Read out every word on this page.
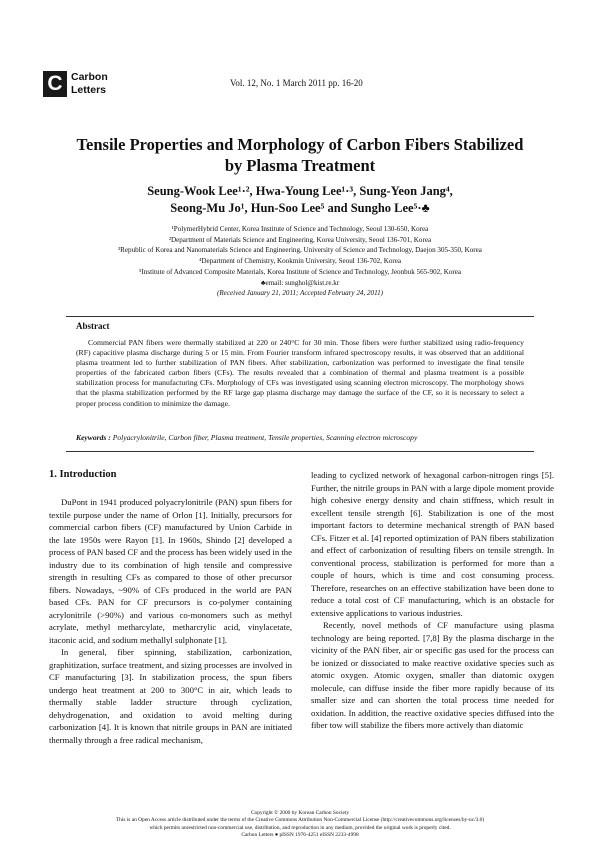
C Carbon
Letters
Vol. 12, No. 1 March 2011 pp. 16-20
Tensile Properties and Morphology of Carbon Fibers Stabilized
by Plasma Treatment
Seung-Wook Lee¹·², Hwa-Young Lee¹·³, Sung-Yeon Jang⁴,
Seong-Mu Jo¹, Hun-Soo Lee⁵ and Sungho Lee⁵·♣
¹PolymerHybrid Center, Korea Institute of Science and Technology, Seoul 130-650, Korea
²Department of Materials Science and Engineering, Korea University, Seoul 136-701, Korea
³Republic of Korea and Nanomaterials Science and Engineering, University of Science and Technology, Daejon 305-350, Korea
⁴Department of Chemistry, Kookmin University, Seoul 136-702, Korea
⁵Institute of Advanced Composite Materials, Korea Institute of Science and Technology, Jeonbuk 565-902, Korea
♣email: sunghol@kist.re.kr
(Received January 21, 2011; Accepted February 24, 2011)
Abstract

Commercial PAN fibers were thermally stabilized at 220 or 240°C for 30 min. Those fibers were further stabilized using radio-frequency (RF) capacitive plasma discharge during 5 or 15 min. From Fourier transform infrared spectroscopy results, it was observed that an additional plasma treatment led to further stabilization of PAN fibers. After stabilization, carbonization was performed to investigate the final tensile properties of the fabricated carbon fibers (CFs). The results revealed that a combination of thermal and plasma treatment is a possible stabilization process for manufacturing CFs. Morphology of CFs was investigated using scanning electron microscopy. The morphology shows that the plasma stabilization performed by the RF large gap plasma discharge may damage the surface of the CF, so it is necessary to select a proper process condition to minimize the damage.

Keywords : Polyacrylonitrile, Carbon fiber, Plasma treatment, Tensile properties, Scanning electron microscopy
1. Introduction

DuPont in 1941 produced polyacrylonitrile (PAN) spun fibers for textile purpose under the name of Orlon [1]. Initially, precursors for commercial carbon fibers (CF) manufactured by Union Carbide in the late 1950s were Rayon [1]. In 1960s, Shindo [2] developed a process of PAN based CF and the process has been widely used in the industry due to its combination of high tensile and compressive strength in resulting CFs as compared to those of other precursor fibers. Nowadays, ~90% of CFs produced in the world are PAN based CFs. PAN for CF precursors is co-polymer containing acrylonitrile (>90%) and various co-monomers such as methyl acrylate, methyl metharcylate, metharcrylic acid, vinylacetate, itaconic acid, and sodium methallyl sulphonate [1].

In general, fiber spinning, stabilization, carbonization, graphitization, surface treatment, and sizing processes are involved in CF manufacturing [3]. In stabilization process, the spun fibers undergo heat treatment at 200 to 300°C in air, which leads to thermally stable ladder structure through cyclization, dehydrogenation, and oxidation to avoid melting during carbonization [4]. It is known that nitrile groups in PAN are initiated thermally through a free radical mechanism,

leading to cyclized network of hexagonal carbon-nitrogen rings [5]. Further, the nitrile groups in PAN with a large dipole moment provide high cohesive energy density and chain stiffness, which result in excellent tensile strength [6]. Stabilization is one of the most important factors to determine mechanical strength of PAN based CFs. Fitzer et al. [4] reported optimization of PAN fibers stabilization and effect of carbonization of resulting fibers on tensile strength. In conventional process, stabilization is performed for more than a couple of hours, which is time and cost consuming process. Therefore, researches on an effective stabilization have been done to reduce a total cost of CF manufacturing, which is an obstacle for extensive applications to various industries.

Recently, novel methods of CF manufacture using plasma technology are being reported. [7,8] By the plasma discharge in the vicinity of the PAN fiber, air or specific gas used for the process can be ionized or dissociated to make reactive oxidative species such as atomic oxygen. Atomic oxygen, smaller than diatomic oxygen molecule, can diffuse inside the fiber more rapidly because of its smaller size and can shorten the total process time needed for oxidation. In addition, the reactive oxidative species diffused into the fiber tow will stabilize the fibers more actively than diatomic

Copyright © 2000 by Korean Carbon Society
This is an Open Access article distributed under the terms of the Creative Commons Attribution Non-Commercial License (http://creativecommons.org/licenses/by-nc/3.0)
which permits unrestricted non-commercial use, distribution, and reproduction in any medium, provided the original work is properly cited.
Carbon Letters ● pISSN 1976-4251 eISSN 2233-4998
